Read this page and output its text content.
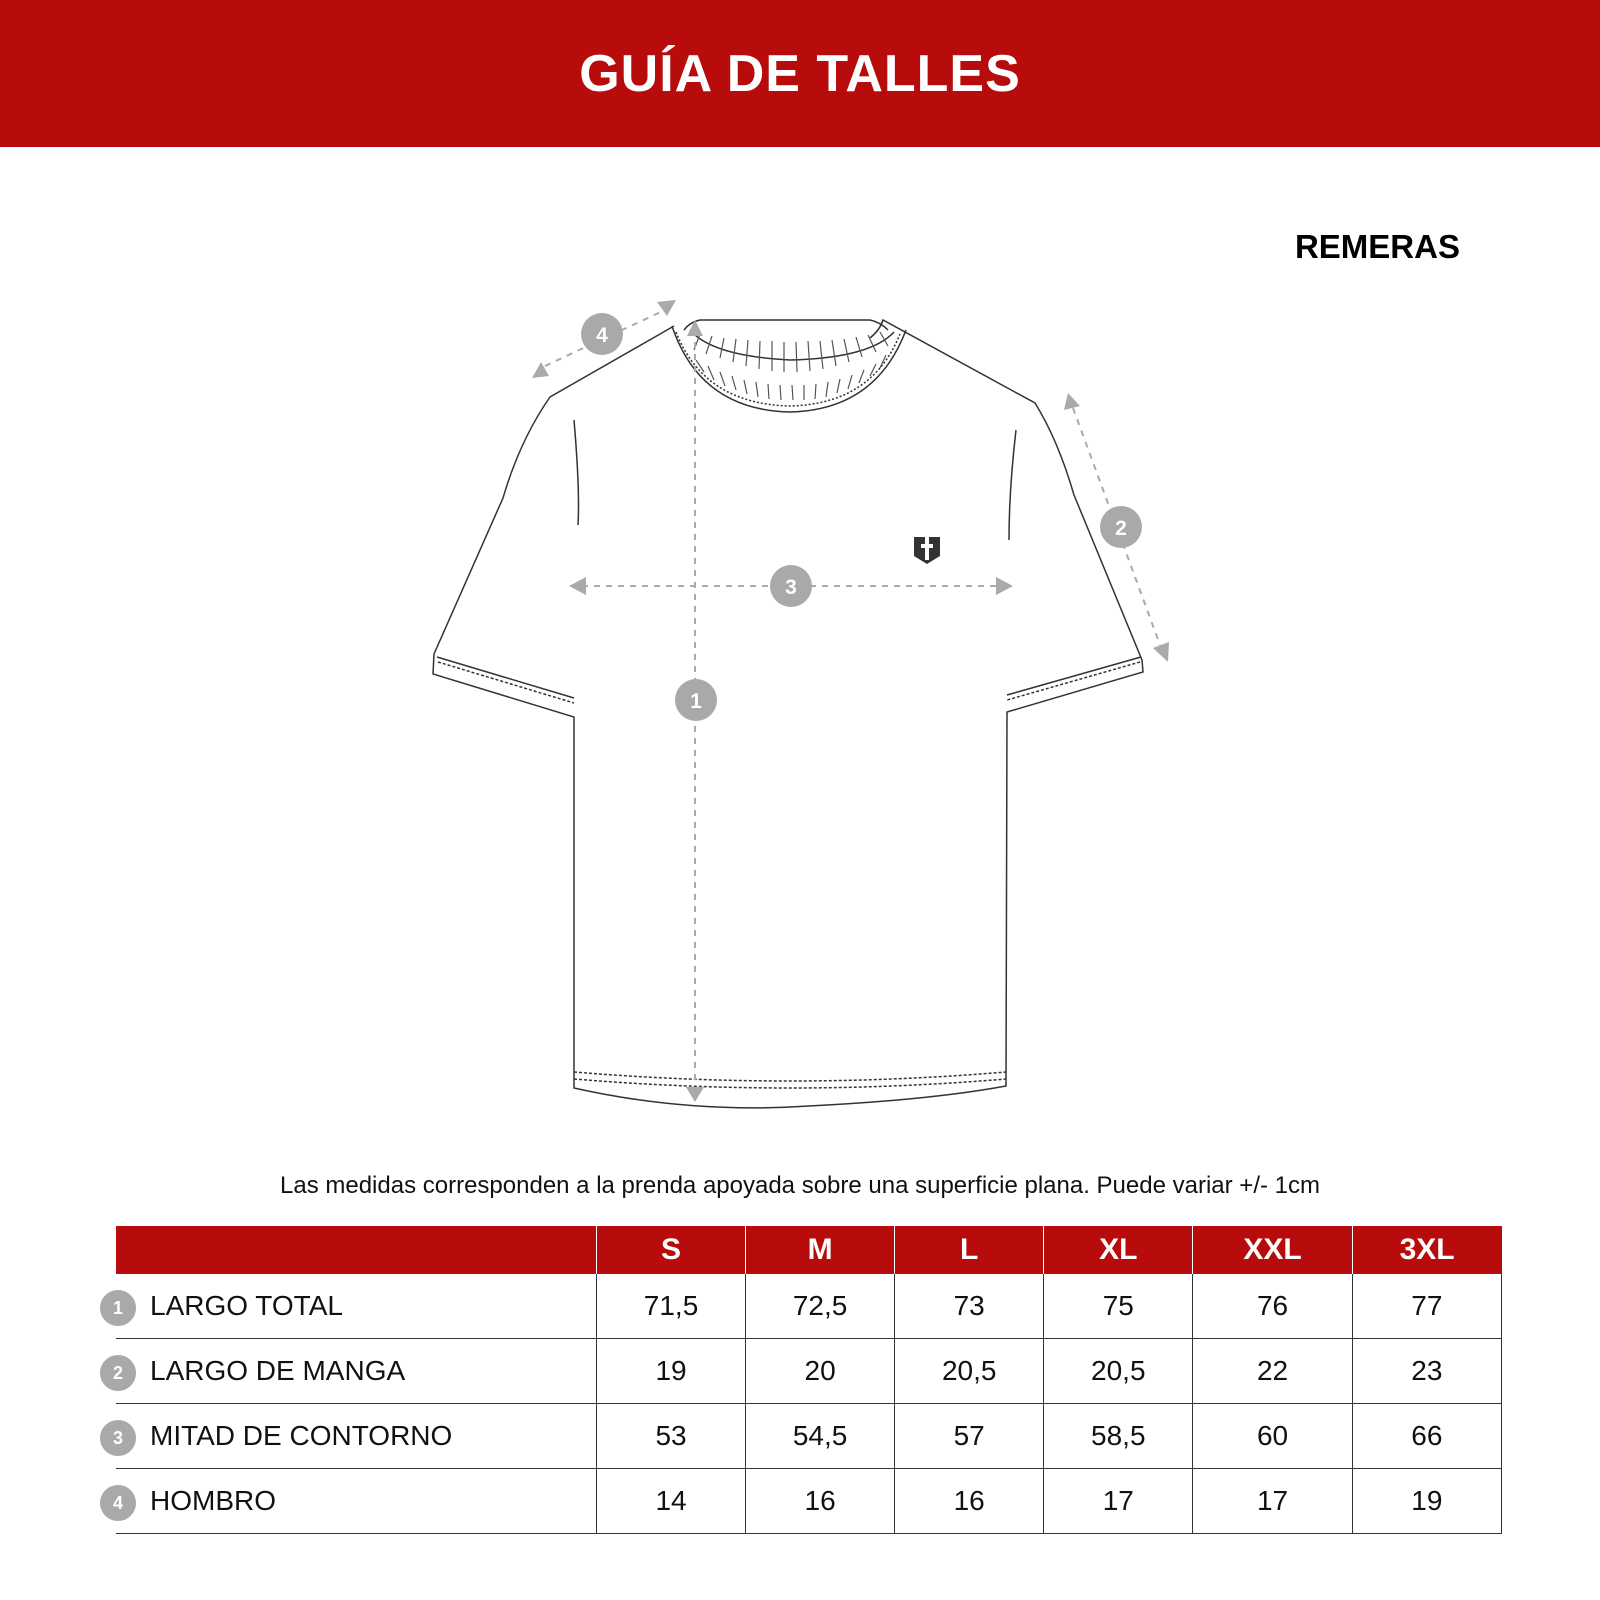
GUÍA DE TALLES
REMERAS
1
2
3
4
Las medidas corresponden a la prenda apoyada sobre una superficie plana. Puede variar +/- 1cm
	S	M	L	XL	XXL	3XL

1 LARGO TOTAL	71,5	72,5	73	75	76	77

2 LARGO DE MANGA	19	20	20,5	20,5	22	23

3 MITAD DE CONTORNO	53	54,5	57	58,5	60	66

4 HOMBRO	14	16	16	17	17	19
